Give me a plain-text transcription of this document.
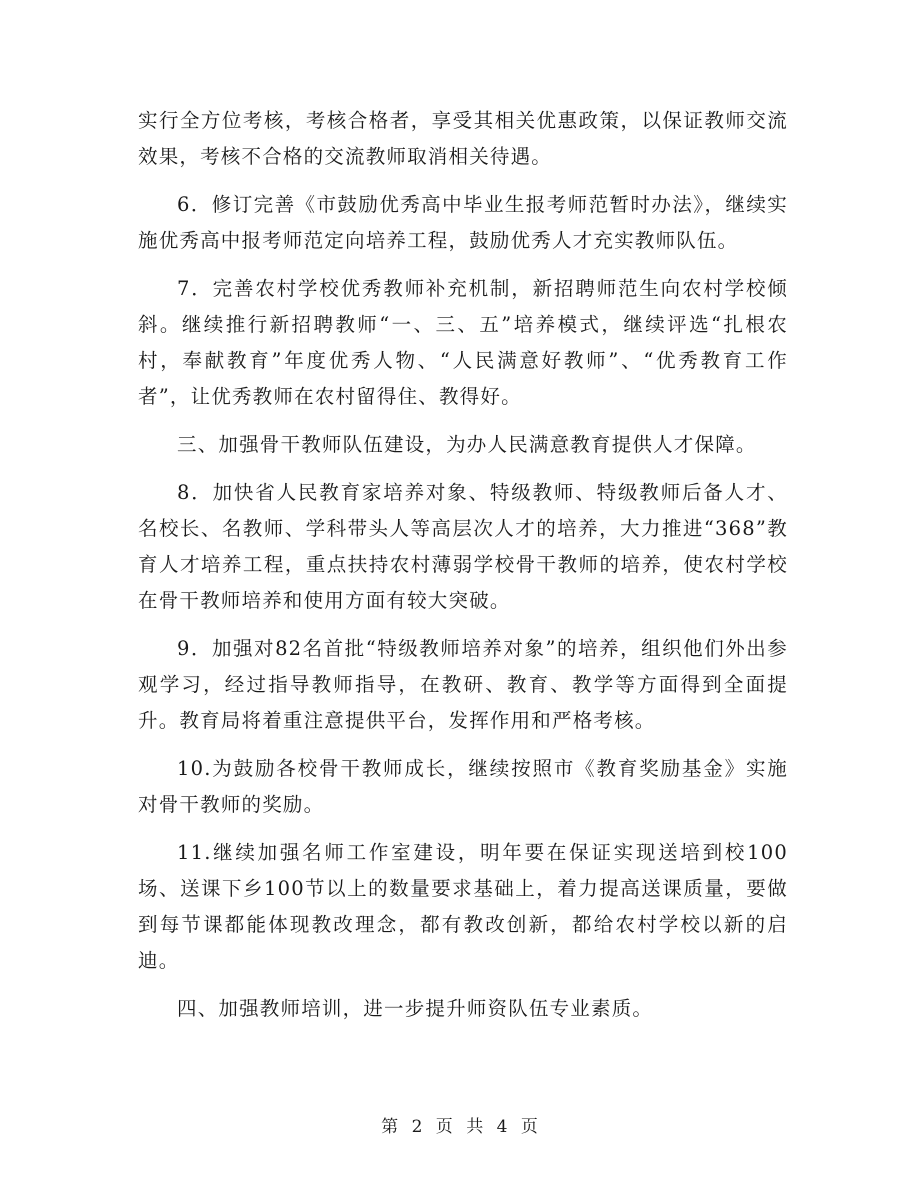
实行全方位考核，考核合格者，享受其相关优惠政策，以保证教师交流效果，考核不合格的交流教师取消相关待遇。

6．修订完善《市鼓励优秀高中毕业生报考师范暂时办法》，继续实施优秀高中报考师范定向培养工程，鼓励优秀人才充实教师队伍。

7．完善农村学校优秀教师补充机制，新招聘师范生向农村学校倾斜。继续推行新招聘教师“一、三、五”培养模式，继续评选“扎根农村，奉献教育”年度优秀人物、“人民满意好教师”、“优秀教育工作者”，让优秀教师在农村留得住、教得好。

三、加强骨干教师队伍建设，为办人民满意教育提供人才保障。

8．加快省人民教育家培养对象、特级教师、特级教师后备人才、名校长、名教师、学科带头人等高层次人才的培养，大力推进“368”教育人才培养工程，重点扶持农村薄弱学校骨干教师的培养，使农村学校在骨干教师培养和使用方面有较大突破。

9．加强对82名首批“特级教师培养对象”的培养，组织他们外出参观学习，经过指导教师指导，在教研、教育、教学等方面得到全面提升。教育局将着重注意提供平台，发挥作用和严格考核。

10.为鼓励各校骨干教师成长，继续按照市《教育奖励基金》实施对骨干教师的奖励。

11.继续加强名师工作室建设，明年要在保证实现送培到校100场、送课下乡100节以上的数量要求基础上，着力提高送课质量，要做到每节课都能体现教改理念，都有教改创新，都给农村学校以新的启迪。

四、加强教师培训，进一步提升师资队伍专业素质。

第 2 页 共 4 页
